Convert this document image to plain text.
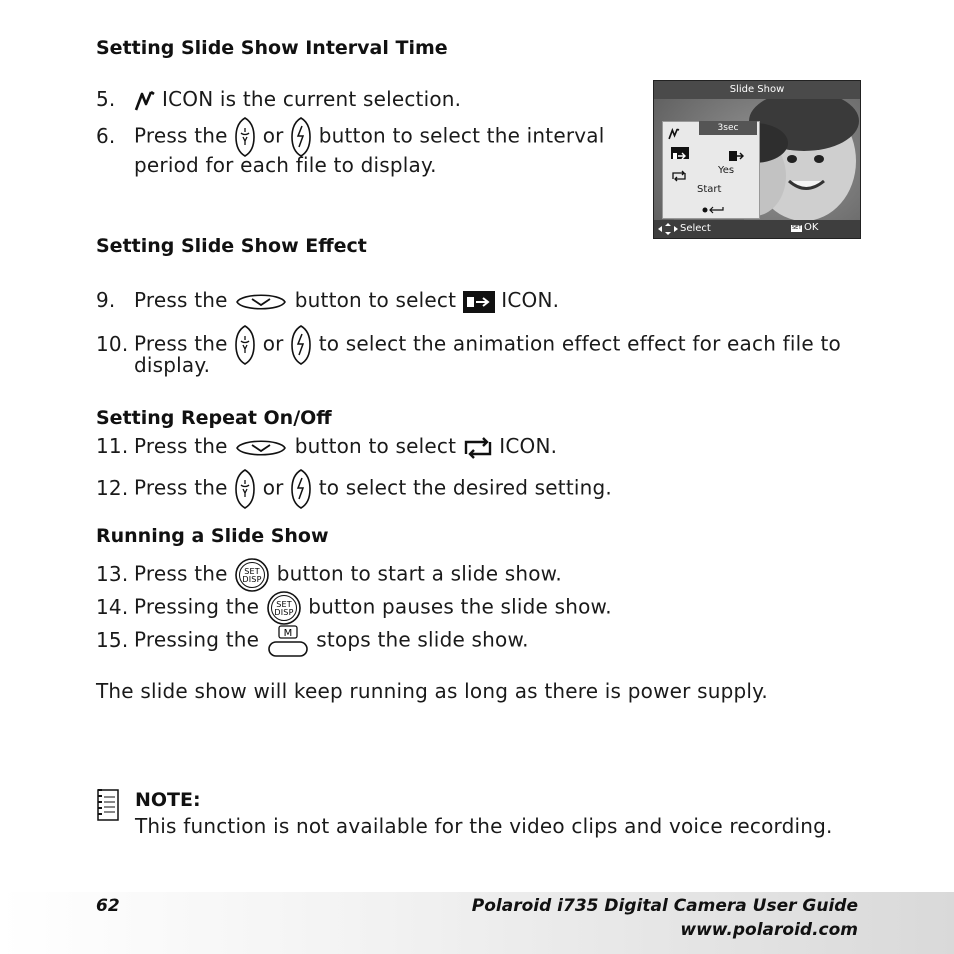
Setting Slide Show Interval Time
5. ICON is the current selection.
6. Press the or button to select the interval
period for each file to display.
Slide Show
Yes
Start
3sec
Select	SET OK
Setting Slide Show Effect
9. Press the	button to select ICON.
10. Press the or to select the animation effect effect for each file to
display.
Setting Repeat On/Off
11. Press the	button to select ICON.
12. Press the or to select the desired setting.
Running a Slide Show
13. Press the SET
DISP button to start a slide show.
14. Pressing the SET
DISP button pauses the slide show.
15. Pressing the M stops the slide show.
The slide show will keep running as long as there is power supply.
NOTE:
This function is not available for the video clips and voice recording.
62	Polaroid i735 Digital Camera User Guide
www.polaroid.com
